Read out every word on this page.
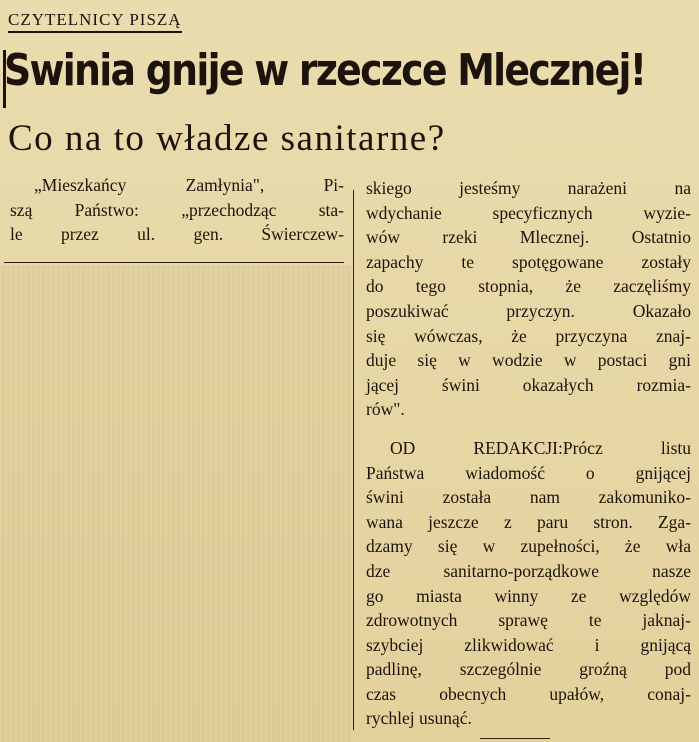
CZYTELNICY PISZĄ
Swinia gnije w rzeczce Mlecznej!
Co na to władze sanitarne?
„Mieszkańcy Zamłynia", Pi-
szą Państwo: „przechodząc sta-
le przez ul. gen. Świerczew-
skiego jesteśmy narażeni na
wdychanie specyficznych wyzie-
wów rzeki Mlecznej. Ostatnio
zapachy te spotęgowane zostały
do tego stopnia, że zaczęliśmy
poszukiwać przyczyn. Okazało
się wówczas, że przyczyna znaj-
duje się w wodzie w postaci gni
jącej świni okazałych rozmia-
rów".
OD REDAKCJI:Prócz listu
Państwa wiadomość o gnijącej
świni została nam zakomuniko-
wana jeszcze z paru stron. Zga-
dzamy się w zupełności, że wła
dze sanitarno-porządkowe nasze
go miasta winny ze względów
zdrowotnych sprawę te jaknaj-
szybciej zlikwidować i gnijącą
padlinę, szczególnie groźną pod
czas obecnych upałów, conaj-
rychlej usunąć.
